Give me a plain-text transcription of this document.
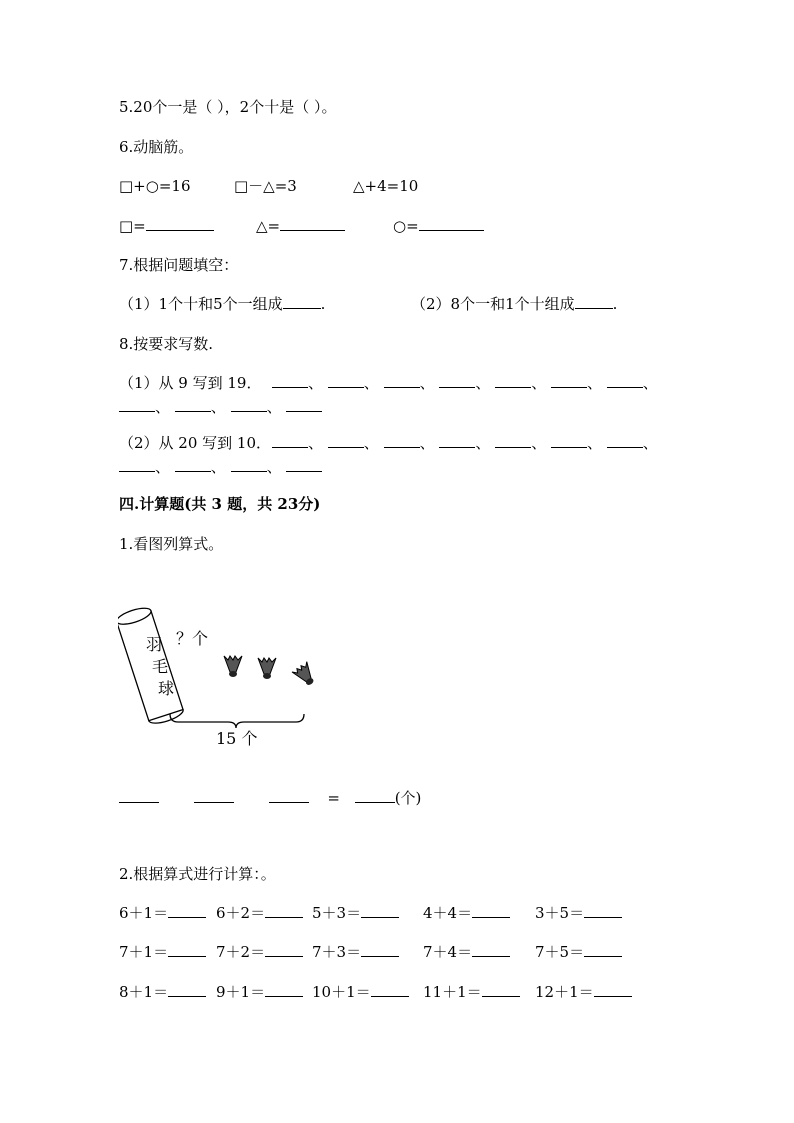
5.20个一是（ ），2个十是（ ）。
6.动脑筋。
□+○=16	□－△=3	△+4=10
□=	△=	○=
7.根据问题填空：
（1）1个十和5个一组成	.	（2）8个一和1个十组成	.
8.按要求写数.
（1）从 9 写到 19．	、	、	、	、	、	、	、
、	、	、
（2）从 20 写到 10．	、	、	、	、	、	、	、
、	、	、
四.计算题(共 3 题，共 23分)
1.看图列算式。
羽
毛
球
？个
15 个
=	(个)
2.根据算式进行计算：。
6＋1＝	6＋2＝	5＋3＝	4＋4＝	3＋5＝
7＋1＝	7＋2＝	7＋3＝	7＋4＝	7＋5＝
8＋1＝	9＋1＝	10＋1＝	11＋1＝	12＋1＝
